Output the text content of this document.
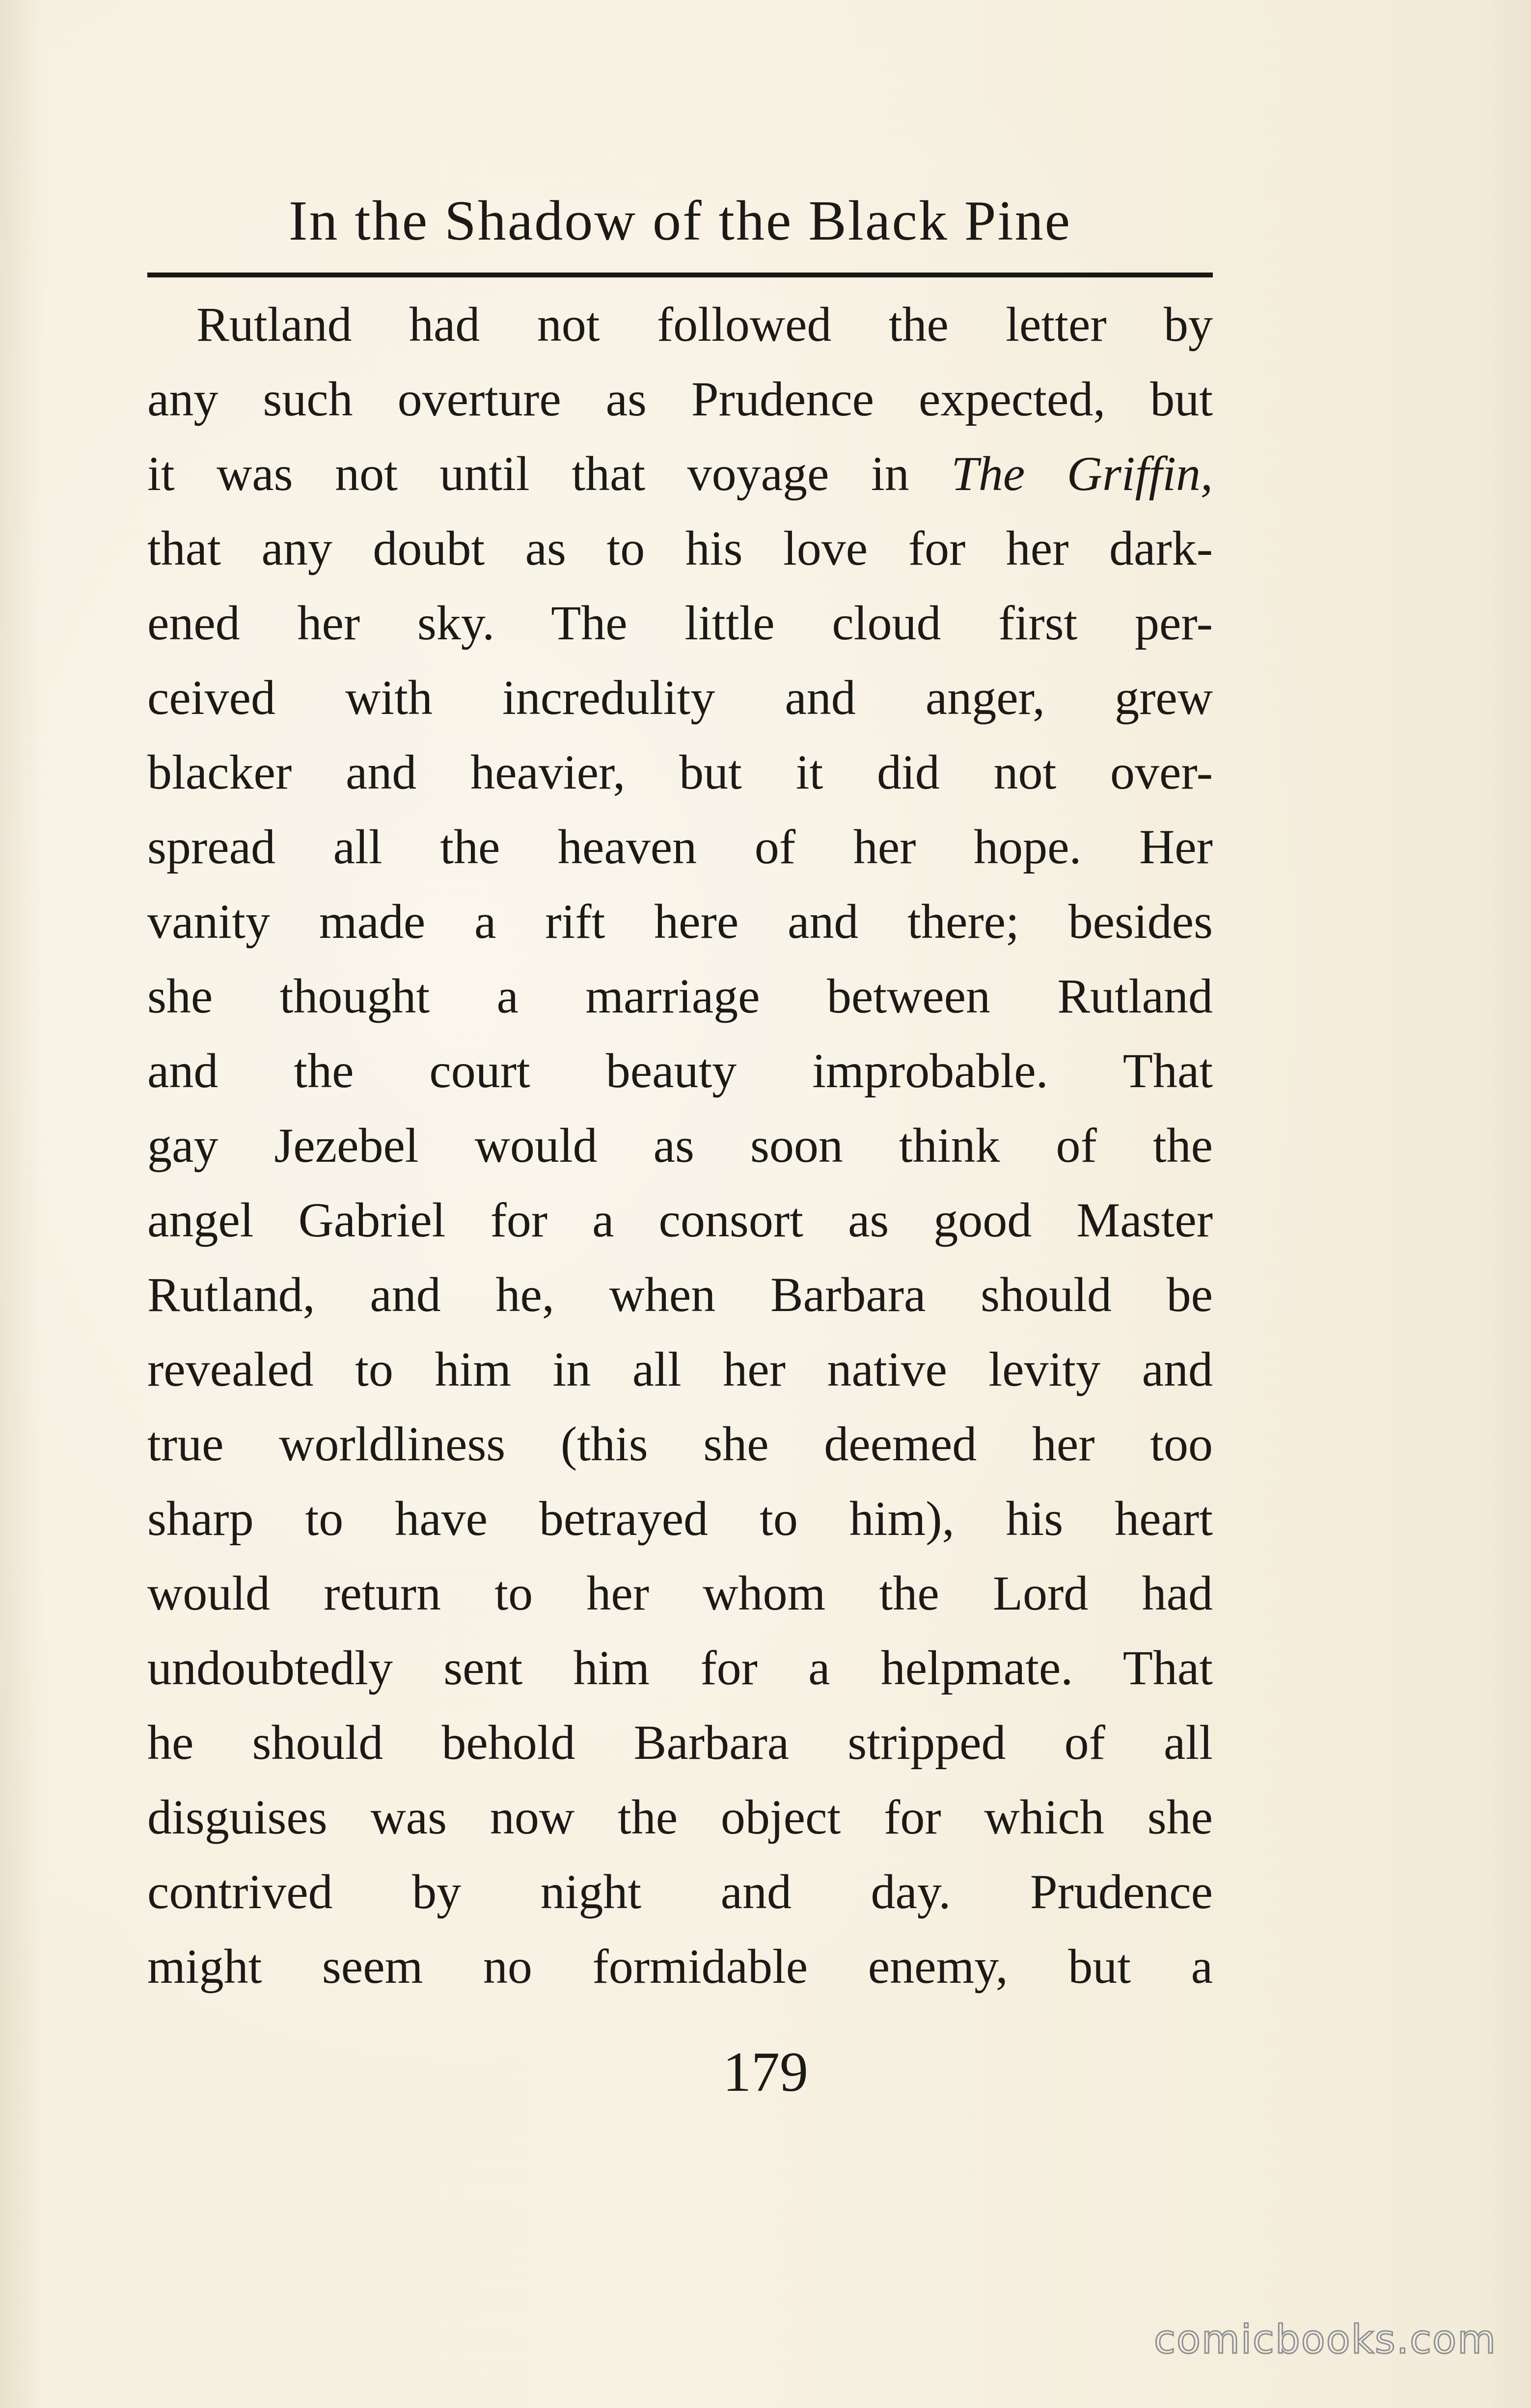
In the Shadow of the Black Pine
Rutland had not followed the letter by
any such overture as Prudence expected, but
it was not until that voyage in The Griffin,
that any doubt as to his love for her dark-
ened her sky. The little cloud first per-
ceived with incredulity and anger, grew
blacker and heavier, but it did not over-
spread all the heaven of her hope. Her
vanity made a rift here and there; besides
she thought a marriage between Rutland
and the court beauty improbable. That
gay Jezebel would as soon think of the
angel Gabriel for a consort as good Master
Rutland, and he, when Barbara should be
revealed to him in all her native levity and
true worldliness (this she deemed her too
sharp to have betrayed to him), his heart
would return to her whom the Lord had
undoubtedly sent him for a helpmate. That
he should behold Barbara stripped of all
disguises was now the object for which she
contrived by night and day. Prudence
might seem no formidable enemy, but a
179
comicbooks.com
